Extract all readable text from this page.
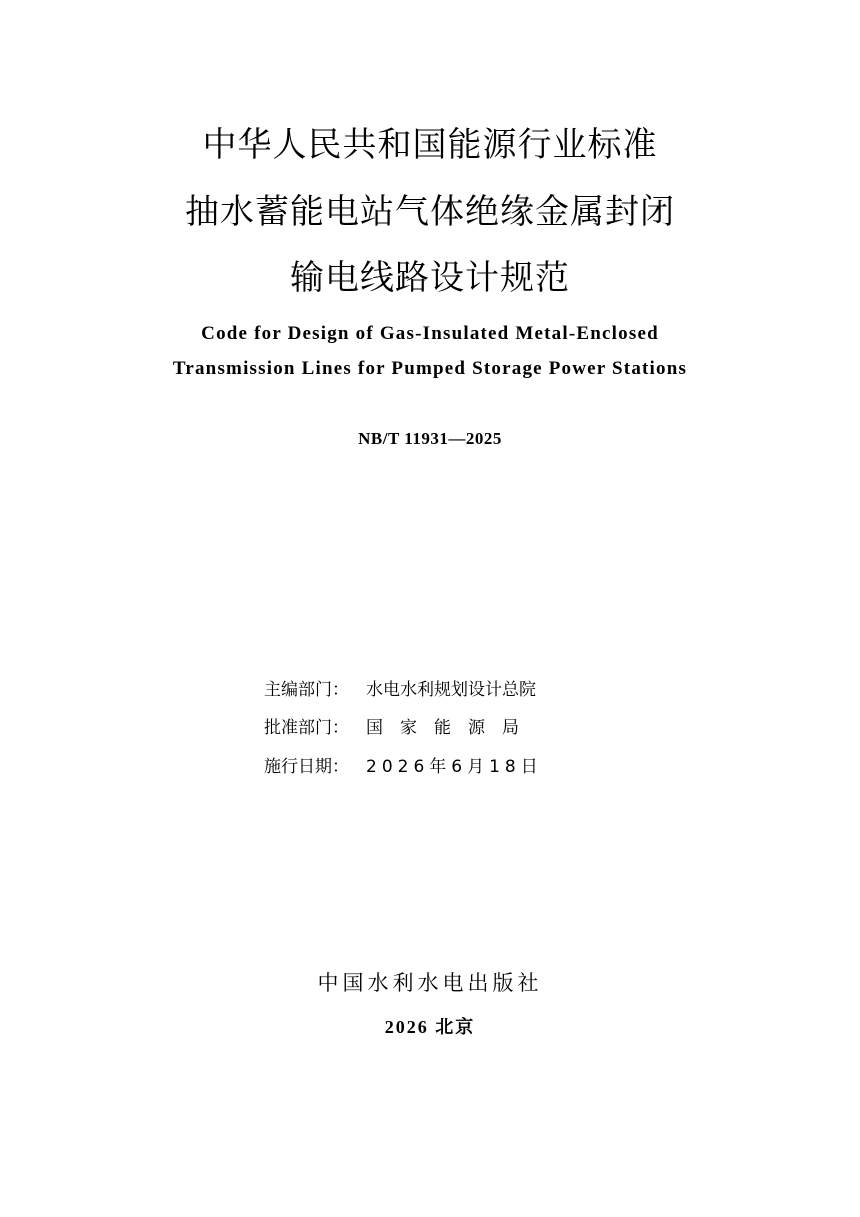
中华人民共和国能源行业标准
抽水蓄能电站气体绝缘金属封闭
输电线路设计规范
Code for Design of Gas-Insulated Metal-Enclosed
Transmission Lines for Pumped Storage Power Stations
NB/T 11931—2025
主编部门： 水电水利规划设计总院
批准部门： 国家能源局
施行日期： 2026年6月18日
中国水利水电出版社
2026 北京
